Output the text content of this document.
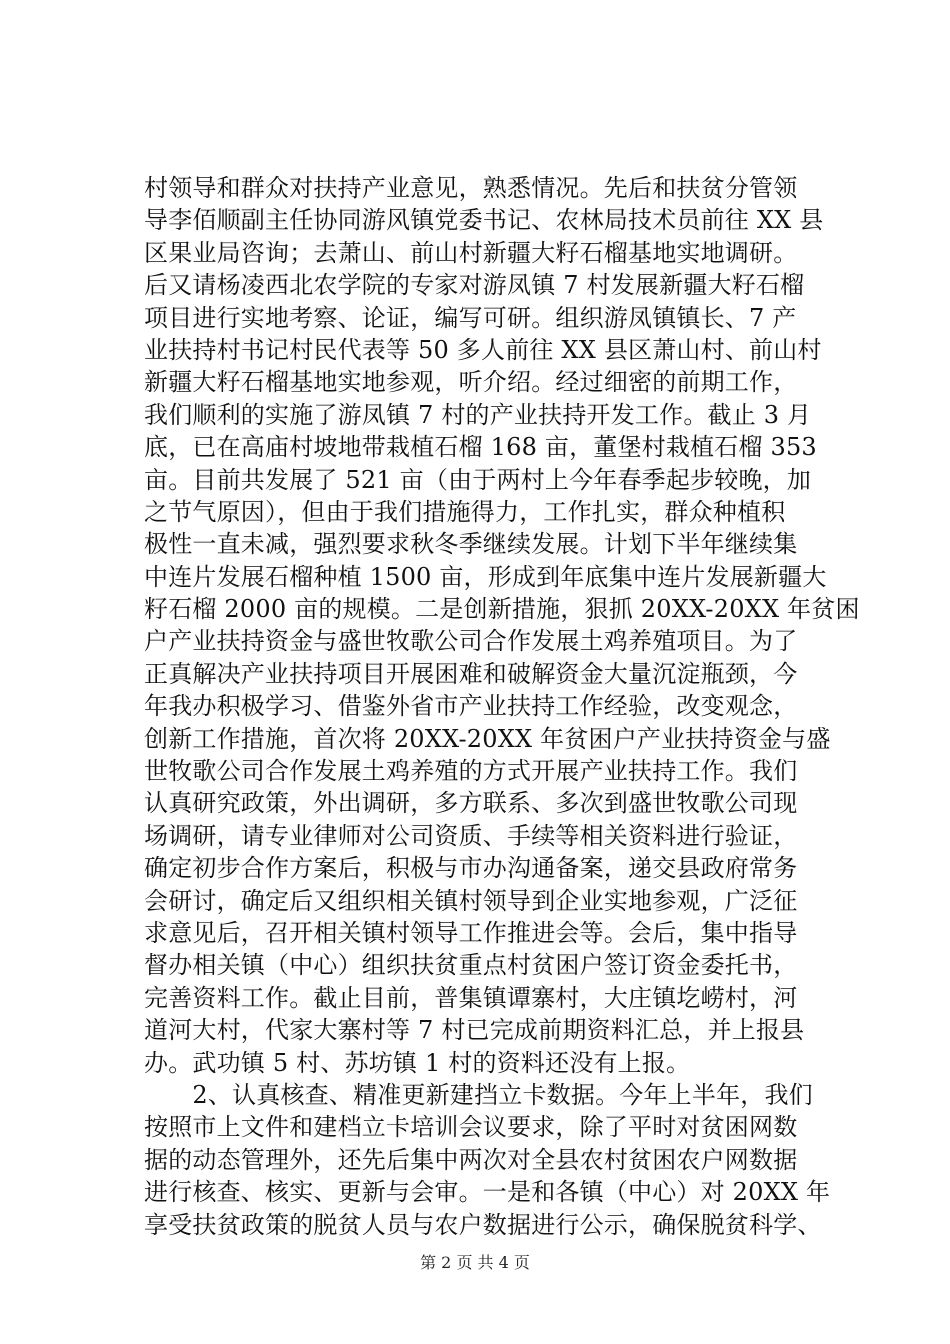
村领导和群众对扶持产业意见，熟悉情况。先后和扶贫分管领
导李佰顺副主任协同游风镇党委书记、农林局技术员前往 XX 县
区果业局咨询；去萧山、前山村新疆大籽石榴基地实地调研。
后又请杨凌西北农学院的专家对游凤镇 7 村发展新疆大籽石榴
项目进行实地考察、论证，编写可研。组织游凤镇镇长、7 产
业扶持村书记村民代表等 50 多人前往 XX 县区萧山村、前山村
新疆大籽石榴基地实地参观，听介绍。经过细密的前期工作，
我们顺利的实施了游凤镇 7 村的产业扶持开发工作。截止 3 月
底，已在高庙村坡地带栽植石榴 168 亩，董堡村栽植石榴 353
亩。目前共发展了 521 亩（由于两村上今年春季起步较晚，加
之节气原因），但由于我们措施得力，工作扎实，群众种植积
极性一直未减，强烈要求秋冬季继续发展。计划下半年继续集
中连片发展石榴种植 1500 亩，形成到年底集中连片发展新疆大
籽石榴 2000 亩的规模。二是创新措施，狠抓 20XX-20XX 年贫困
户产业扶持资金与盛世牧歌公司合作发展土鸡养殖项目。为了
正真解决产业扶持项目开展困难和破解资金大量沉淀瓶颈，今
年我办积极学习、借鉴外省市产业扶持工作经验，改变观念，
创新工作措施，首次将 20XX-20XX 年贫困户产业扶持资金与盛
世牧歌公司合作发展土鸡养殖的方式开展产业扶持工作。我们
认真研究政策，外出调研，多方联系、多次到盛世牧歌公司现
场调研，请专业律师对公司资质、手续等相关资料进行验证，
确定初步合作方案后，积极与市办沟通备案，递交县政府常务
会研讨，确定后又组织相关镇村领导到企业实地参观，广泛征
求意见后，召开相关镇村领导工作推进会等。会后，集中指导
督办相关镇（中心）组织扶贫重点村贫困户签订资金委托书，
完善资料工作。截止目前，普集镇谭寨村，大庄镇圪崂村，河
道河大村，代家大寨村等 7 村已完成前期资料汇总，并上报县
办。武功镇 5 村、苏坊镇 1 村的资料还没有上报。
　　2、认真核查、精准更新建挡立卡数据。今年上半年，我们
按照市上文件和建档立卡培训会议要求，除了平时对贫困网数
据的动态管理外，还先后集中两次对全县农村贫困农户网数据
进行核查、核实、更新与会审。一是和各镇（中心）对 20XX 年
享受扶贫政策的脱贫人员与农户数据进行公示，确保脱贫科学、
第 2 页 共 4 页
